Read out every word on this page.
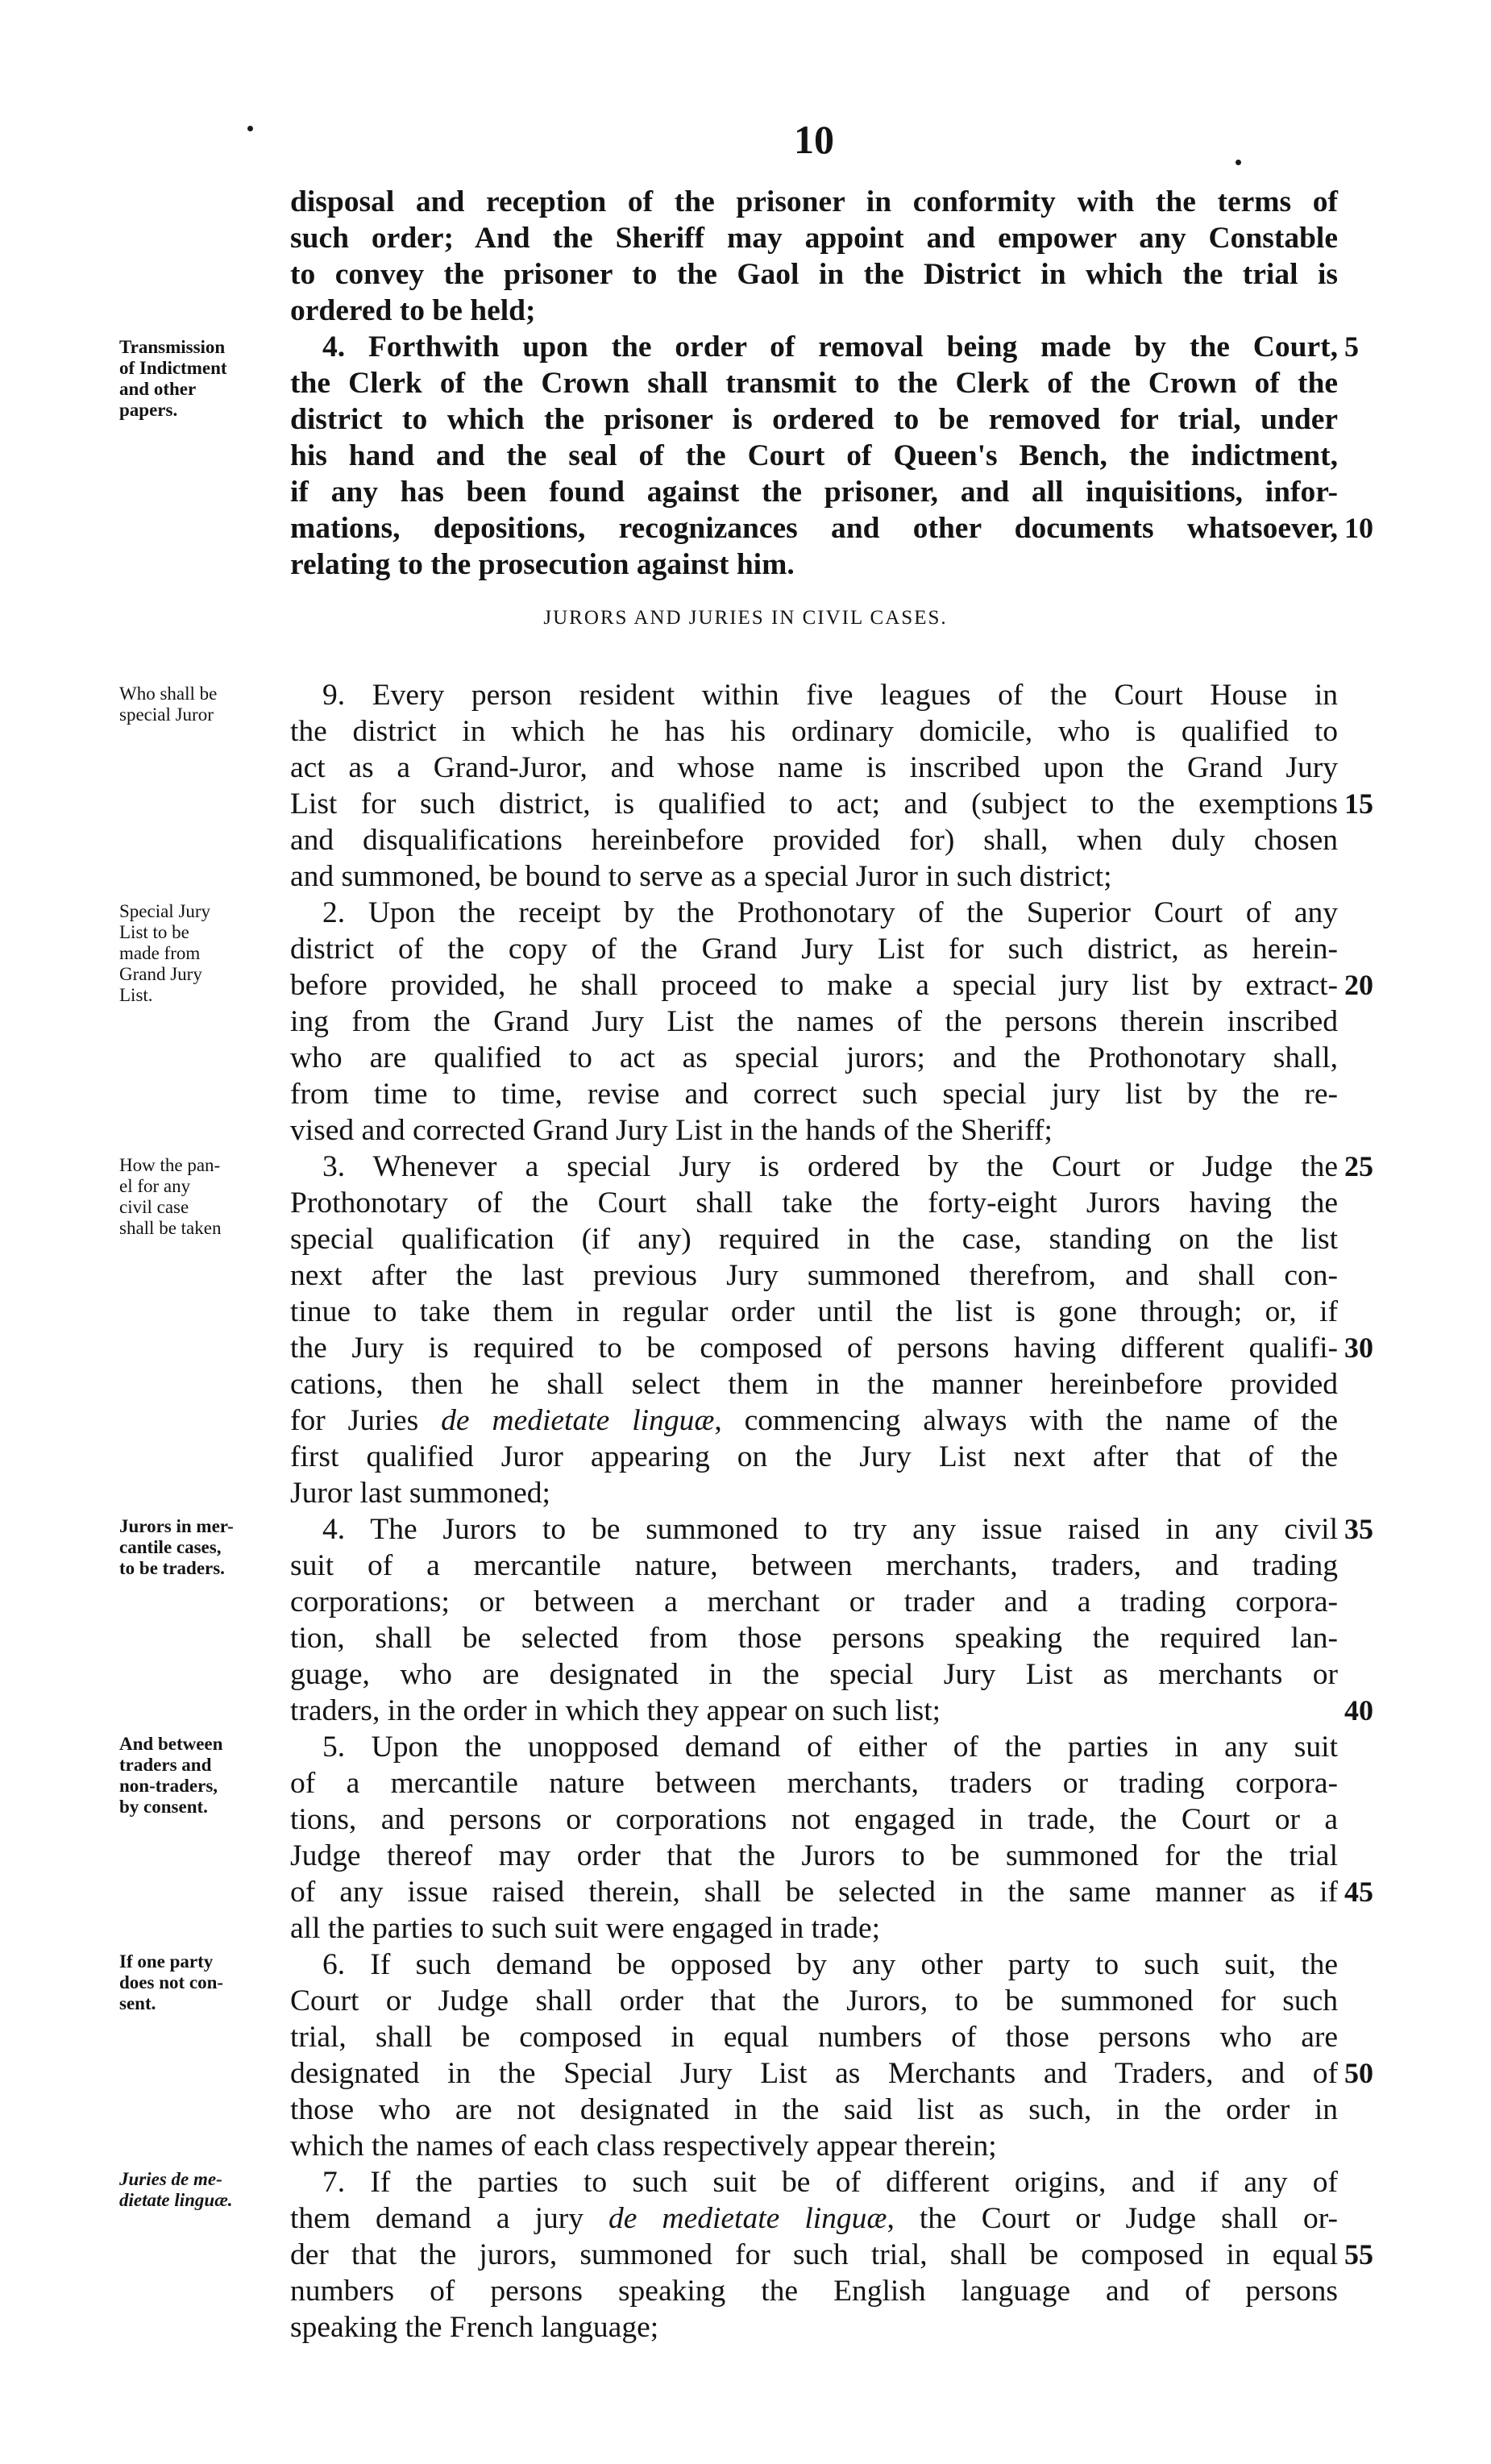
10
JURORS AND JURIES IN CIVIL CASES.
disposal and reception of the prisoner in conformity with the terms of
such order; And the Sheriff may appoint and empower any Constable
to convey the prisoner to the Gaol in the District in which the trial is
ordered to be held;
Transmission
of Indictment
and other
papers.
4. Forthwith upon the order of removal being made by the Court,
the Clerk of the Crown shall transmit to the Clerk of the Crown of the
district to which the prisoner is ordered to be removed for trial, under
his hand and the seal of the Court of Queen's Bench, the indictment,
if any has been found against the prisoner, and all inquisitions, infor-
mations, depositions, recognizances and other documents whatsoever,
relating to the prosecution against him.
Who shall be
special Juror
9. Every person resident within five leagues of the Court House in
the district in which he has his ordinary domicile, who is qualified to
act as a Grand-Juror, and whose name is inscribed upon the Grand Jury
List for such district, is qualified to act; and (subject to the exemptions
and disqualifications hereinbefore provided for) shall, when duly chosen
and summoned, be bound to serve as a special Juror in such district;
Special Jury
List to be
made from
Grand Jury
List.
2. Upon the receipt by the Prothonotary of the Superior Court of any
district of the copy of the Grand Jury List for such district, as herein-
before provided, he shall proceed to make a special jury list by extract-
ing from the Grand Jury List the names of the persons therein inscribed
who are qualified to act as special jurors; and the Prothonotary shall,
from time to time, revise and correct such special jury list by the re-
vised and corrected Grand Jury List in the hands of the Sheriff;
How the pan-
el for any
civil case
shall be taken
3. Whenever a special Jury is ordered by the Court or Judge the
Prothonotary of the Court shall take the forty-eight Jurors having the
special qualification (if any) required in the case, standing on the list
next after the last previous Jury summoned therefrom, and shall con-
tinue to take them in regular order until the list is gone through; or, if
the Jury is required to be composed of persons having different qualifi-
cations, then he shall select them in the manner hereinbefore provided
for Juries de medietate linguæ, commencing always with the name of the
first qualified Juror appearing on the Jury List next after that of the
Juror last summoned;
Jurors in mer-
cantile cases,
to be traders.
4. The Jurors to be summoned to try any issue raised in any civil
suit of a mercantile nature, between merchants, traders, and trading
corporations; or between a merchant or trader and a trading corpora-
tion, shall be selected from those persons speaking the required lan-
guage, who are designated in the special Jury List as merchants or
traders, in the order in which they appear on such list;
And between
traders and
non-traders,
by consent.
5. Upon the unopposed demand of either of the parties in any suit
of a mercantile nature between merchants, traders or trading corpora-
tions, and persons or corporations not engaged in trade, the Court or a
Judge thereof may order that the Jurors to be summoned for the trial
of any issue raised therein, shall be selected in the same manner as if
all the parties to such suit were engaged in trade;
If one party
does not con-
sent.
6. If such demand be opposed by any other party to such suit, the
Court or Judge shall order that the Jurors, to be summoned for such
trial, shall be composed in equal numbers of those persons who are
designated in the Special Jury List as Merchants and Traders, and of
those who are not designated in the said list as such, in the order in
which the names of each class respectively appear therein;
Juries de me-
dietate linguæ.
7. If the parties to such suit be of different origins, and if any of
them demand a jury de medietate linguæ, the Court or Judge shall or-
der that the jurors, summoned for such trial, shall be composed in equal
numbers of persons speaking the English language and of persons
speaking the French language;
5
10
15
20
25
30
35
40
45
50
55
